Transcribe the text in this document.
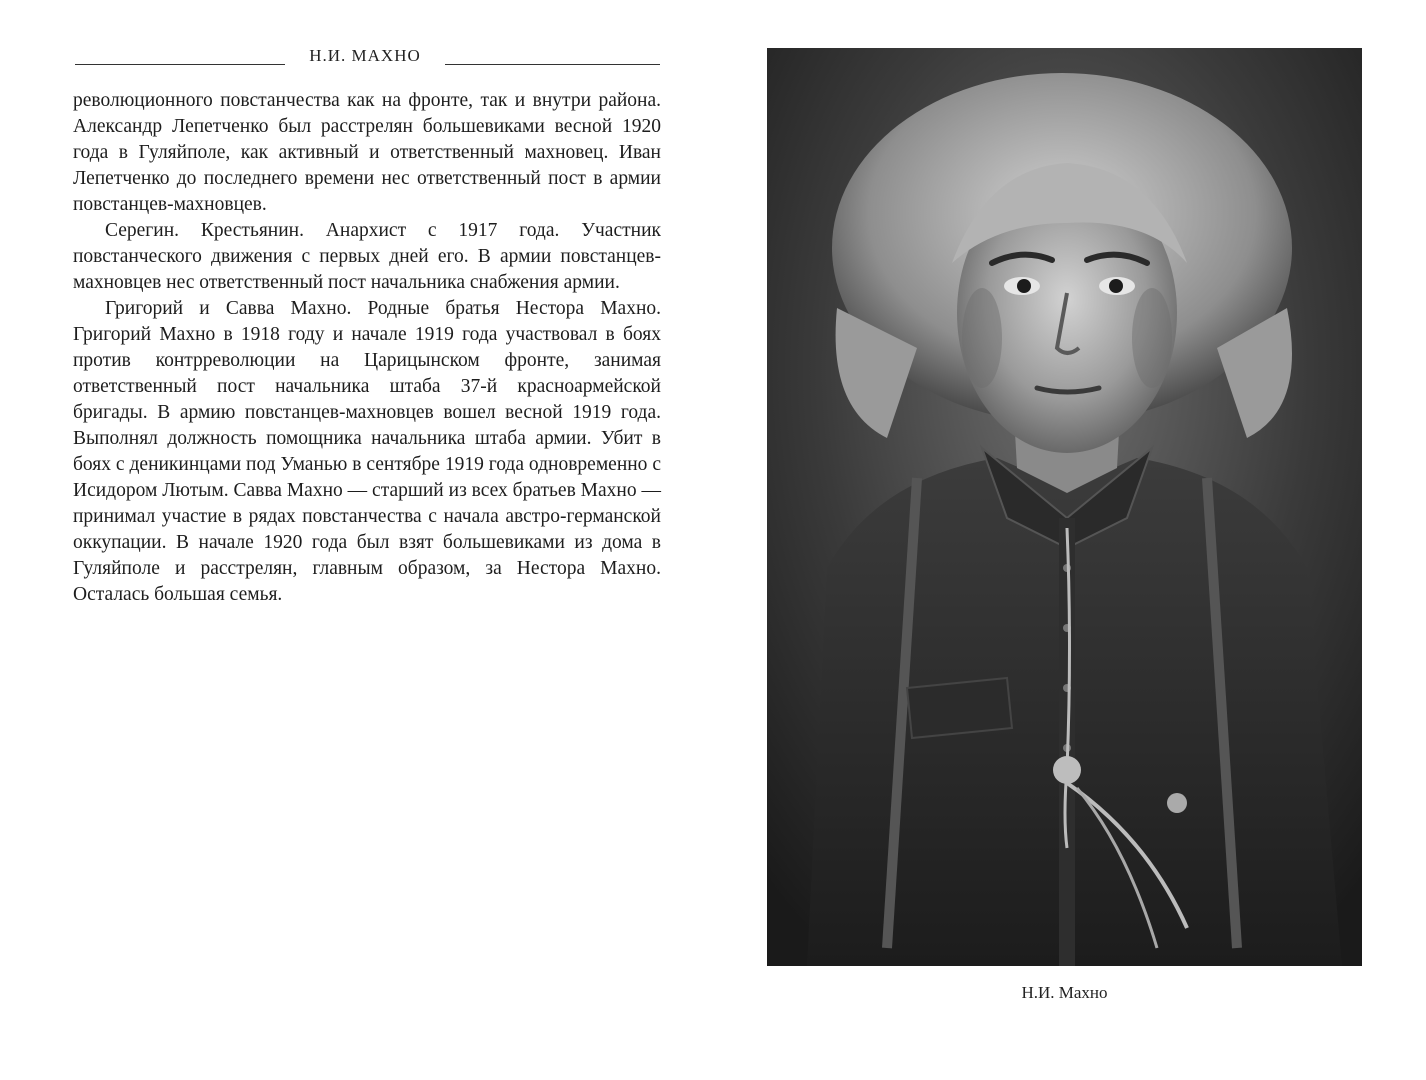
Н.И. МАХНО

революционного повстанчества как на фронте, так и внутри района. Александр Лепетченко был расстрелян большевиками весной 1920 года в Гуляйполе, как активный и ответственный махновец. Иван Лепетченко до последнего времени нес ответственный пост в армии повстанцев-махновцев.

Серегин. Крестьянин. Анархист с 1917 года. Участник повстанческого движения с первых дней его. В армии повстанцев-махновцев нес ответственный пост начальника снабжения армии.

Григорий и Савва Махно. Родные братья Нестора Махно. Григорий Махно в 1918 году и начале 1919 года участвовал в боях против контрреволюции на Царицынском фронте, занимая ответственный пост начальника штаба 37-й красноармейской бригады. В армию повстанцев-махновцев вошел весной 1919 года. Выполнял должность помощника начальника штаба армии. Убит в боях с деникинцами под Уманью в сентябре 1919 года одновременно с Исидором Лютым. Савва Махно — старший из всех братьев Махно — принимал участие в рядах повстанчества с начала австро-германской оккупации. В начале 1920 года был взят большевиками из дома в Гуляйполе и расстрелян, главным образом, за Нестора Махно. Осталась большая семья.

Н.И. Махно
